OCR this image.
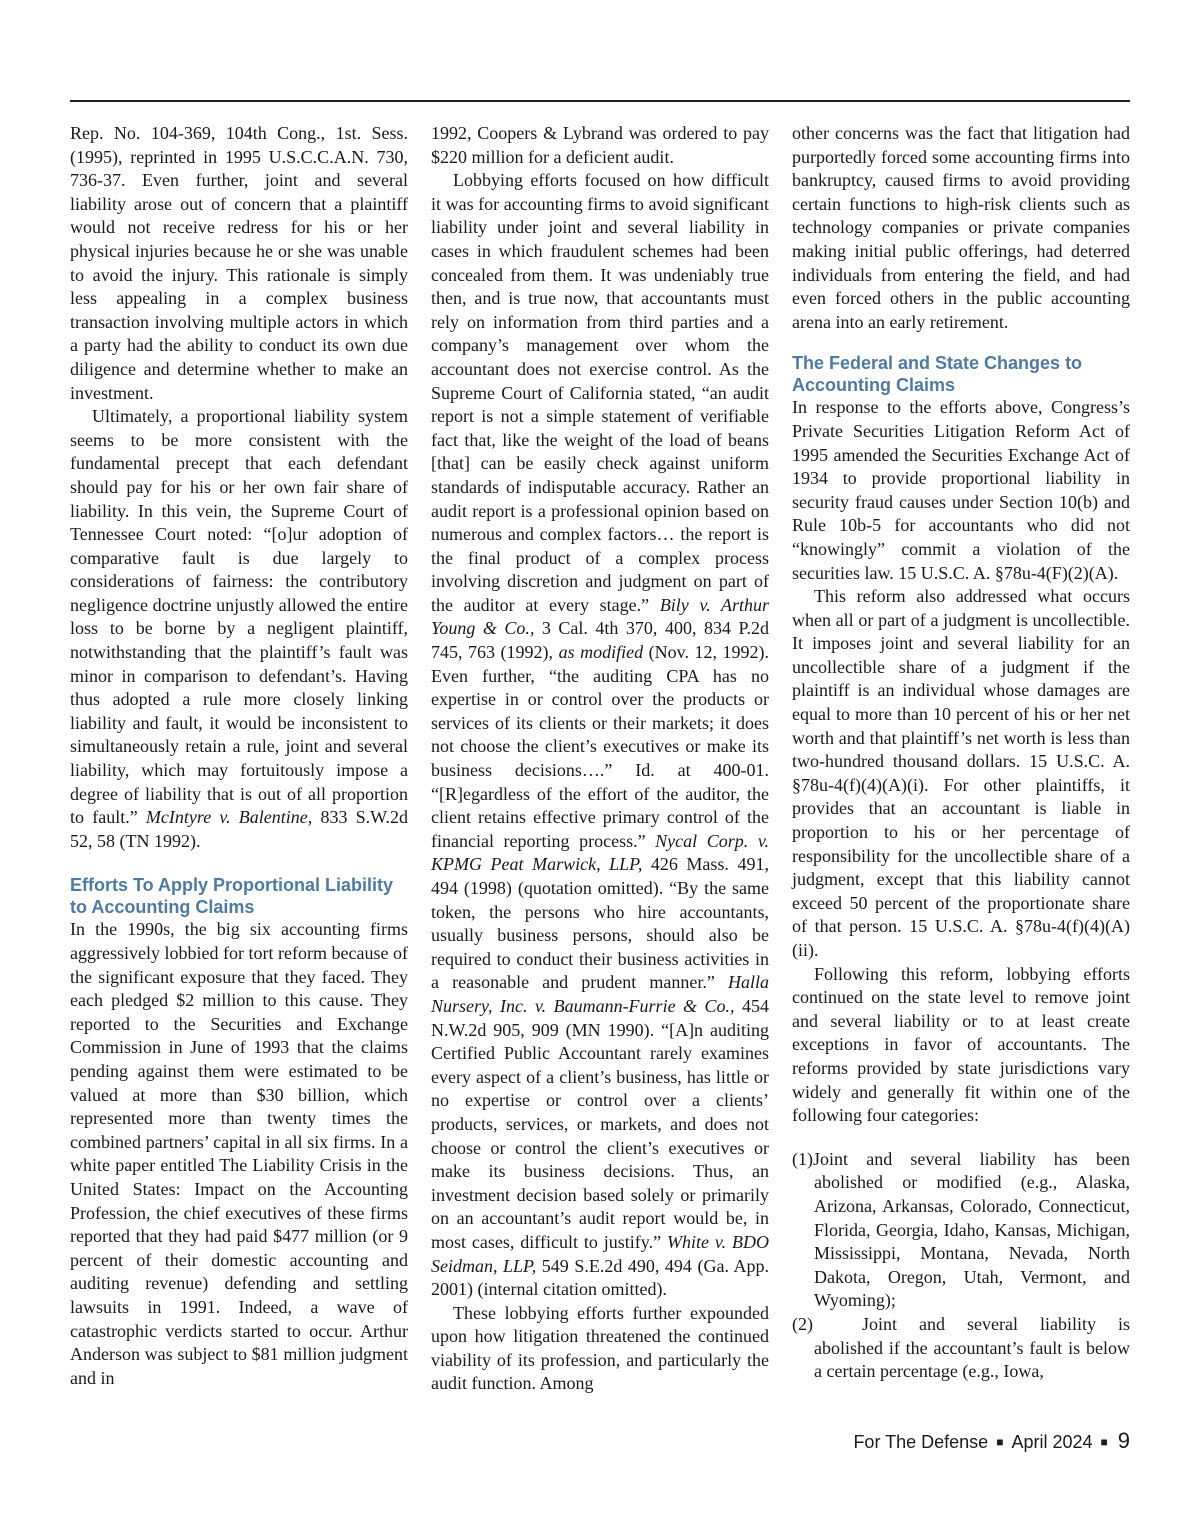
Rep. No. 104-369, 104th Cong., 1st. Sess. (1995), reprinted in 1995 U.S.C.C.A.N. 730, 736-37. Even further, joint and several liability arose out of concern that a plaintiff would not receive redress for his or her physical injuries because he or she was unable to avoid the injury. This rationale is simply less appealing in a complex business transaction involving multiple actors in which a party had the ability to conduct its own due diligence and determine whether to make an investment.

Ultimately, a proportional liability system seems to be more consistent with the fundamental precept that each defendant should pay for his or her own fair share of liability. In this vein, the Supreme Court of Tennessee Court noted: “[o]ur adoption of comparative fault is due largely to considerations of fairness: the contributory negligence doctrine unjustly allowed the entire loss to be borne by a negligent plaintiff, notwithstanding that the plaintiff’s fault was minor in comparison to defendant’s. Having thus adopted a rule more closely linking liability and fault, it would be inconsistent to simultaneously retain a rule, joint and several liability, which may fortuitously impose a degree of liability that is out of all proportion to fault.” McIntyre v. Balentine, 833 S.W.2d 52, 58 (TN 1992).

Efforts To Apply Proportional Liability to Accounting Claims

In the 1990s, the big six accounting firms aggressively lobbied for tort reform because of the significant exposure that they faced. They each pledged $2 million to this cause. They reported to the Securities and Exchange Commission in June of 1993 that the claims pending against them were estimated to be valued at more than $30 billion, which represented more than twenty times the combined partners’ capital in all six firms. In a white paper entitled The Liability Crisis in the United States: Impact on the Accounting Profession, the chief executives of these firms reported that they had paid $477 million (or 9 percent of their domestic accounting and auditing revenue) defending and settling lawsuits in 1991. Indeed, a wave of catastrophic verdicts started to occur. Arthur Anderson was subject to $81 million judgment and in

1992, Coopers & Lybrand was ordered to pay $220 million for a deficient audit.

Lobbying efforts focused on how difficult it was for accounting firms to avoid significant liability under joint and several liability in cases in which fraudulent schemes had been concealed from them. It was undeniably true then, and is true now, that accountants must rely on information from third parties and a company’s management over whom the accountant does not exercise control. As the Supreme Court of California stated, “an audit report is not a simple statement of verifiable fact that, like the weight of the load of beans [that] can be easily check against uniform standards of indisputable accuracy. Rather an audit report is a professional opinion based on numerous and complex factors… the report is the final product of a complex process involving discretion and judgment on part of the auditor at every stage.” Bily v. Arthur Young & Co., 3 Cal. 4th 370, 400, 834 P.2d 745, 763 (1992), as modified (Nov. 12, 1992). Even further, “the auditing CPA has no expertise in or control over the products or services of its clients or their markets; it does not choose the client’s executives or make its business decisions….” Id. at 400-01. “[R]egardless of the effort of the auditor, the client retains effective primary control of the financial reporting process.” Nycal Corp. v. KPMG Peat Marwick, LLP, 426 Mass. 491, 494 (1998) (quotation omitted). “By the same token, the persons who hire accountants, usually business persons, should also be required to conduct their business activities in a reasonable and prudent manner.” Halla Nursery, Inc. v. Baumann-Furrie & Co., 454 N.W.2d 905, 909 (MN 1990). “[A]n auditing Certified Public Accountant rarely examines every aspect of a client’s business, has little or no expertise or control over a clients’ products, services, or markets, and does not choose or control the client’s executives or make its business decisions. Thus, an investment decision based solely or primarily on an accountant’s audit report would be, in most cases, difficult to justify.” White v. BDO Seidman, LLP, 549 S.E.2d 490, 494 (Ga. App. 2001) (internal citation omitted).

These lobbying efforts further expounded upon how litigation threatened the continued viability of its profession, and particularly the audit function. Among

other concerns was the fact that litigation had purportedly forced some accounting firms into bankruptcy, caused firms to avoid providing certain functions to high-risk clients such as technology companies or private companies making initial public offerings, had deterred individuals from entering the field, and had even forced others in the public accounting arena into an early retirement.

The Federal and State Changes to Accounting Claims

In response to the efforts above, Congress’s Private Securities Litigation Reform Act of 1995 amended the Securities Exchange Act of 1934 to provide proportional liability in security fraud causes under Section 10(b) and Rule 10b-5 for accountants who did not “knowingly” commit a violation of the securities law. 15 U.S.C. A. §78u-4(F)(2)(A).

This reform also addressed what occurs when all or part of a judgment is uncollectible. It imposes joint and several liability for an uncollectible share of a judgment if the plaintiff is an individual whose damages are equal to more than 10 percent of his or her net worth and that plaintiff’s net worth is less than two-hundred thousand dollars. 15 U.S.C. A. §78u-4(f)(4)(A)(i). For other plaintiffs, it provides that an accountant is liable in proportion to his or her percentage of responsibility for the uncollectible share of a judgment, except that this liability cannot exceed 50 percent of the proportionate share of that person. 15 U.S.C. A. §78u-4(f)(4)(A)(ii).

Following this reform, lobbying efforts continued on the state level to remove joint and several liability or to at least create exceptions in favor of accountants. The reforms provided by state jurisdictions vary widely and generally fit within one of the following four categories:

(1)Joint and several liability has been abolished or modified (e.g., Alaska, Arizona, Arkansas, Colorado, Connecticut, Florida, Georgia, Idaho, Kansas, Michigan, Mississippi, Montana, Nevada, North Dakota, Oregon, Utah, Vermont, and Wyoming);

(2)	Joint and several liability is abolished if the accountant’s fault is below a certain percentage (e.g., Iowa,

For The Defense ■ April 2024 ■ 9
